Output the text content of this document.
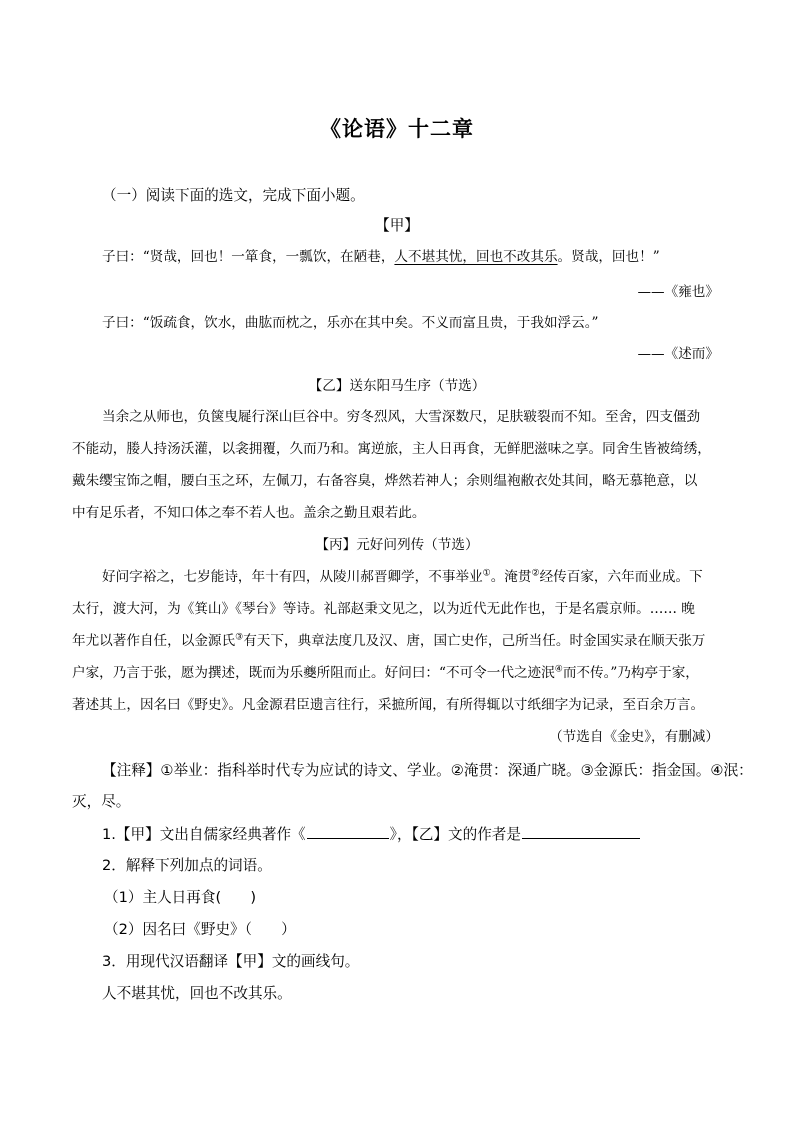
《论语》十二章
（一）阅读下面的选文，完成下面小题。
【甲】
子曰：“贤哉，回也！一箪食，一瓢饮，在陋巷，人不堪其忧，回也不改其乐。贤哉，回也！”
——《雍也》
子曰：“饭疏食，饮水，曲肱而枕之，乐亦在其中矣。不义而富且贵，于我如浮云。”
——《述而》
【乙】送东阳马生序（节选）
当余之从师也，负箧曳屣行深山巨谷中。穷冬烈风，大雪深数尺，足肤皲裂而不知。至舍，四支僵劲
不能动，媵人持汤沃灌，以衾拥覆，久而乃和。寓逆旅，主人日再食，无鲜肥滋味之享。同舍生皆被绮绣，
戴朱缨宝饰之帽，腰白玉之环，左佩刀，右备容臭，烨然若神人；余则缊袍敝衣处其间，略无慕艳意，以
中有足乐者，不知口体之奉不若人也。盖余之勤且艰若此。
【丙】元好问列传（节选）
好问字裕之，七岁能诗，年十有四，从陵川郝晋卿学，不事举业①。淹贯②经传百家，六年而业成。下
太行，渡大河，为《箕山》《琴台》等诗。礼部赵秉文见之，以为近代无此作也，于是名震京师。…… 晚
年尤以著作自任，以金源氏③有天下，典章法度几及汉、唐，国亡史作，己所当任。时金国实录在顺天张万
户家，乃言于张，愿为撰述，既而为乐夔所阻而止。好问曰：“不可令一代之迹泯④而不传。”乃构亭于家，
著述其上，因名曰《野史》。凡金源君臣遗言往行，采摭所闻，有所得辄以寸纸细字为记录，至百余万言。
（节选自《金史》，有删减）
【注释】①举业：指科举时代专为应试的诗文、学业。②淹贯：深通广晓。③金源氏：指金国。④泯：
灭，尽。
1.【甲】文出自儒家经典著作《	》，【乙】文的作者是
2．解释下列加点的词语。
（1）主人日再食(　　)
（2）因名曰《野史》（　　）
3．用现代汉语翻译【甲】文的画线句。
人不堪其忧，回也不改其乐。
